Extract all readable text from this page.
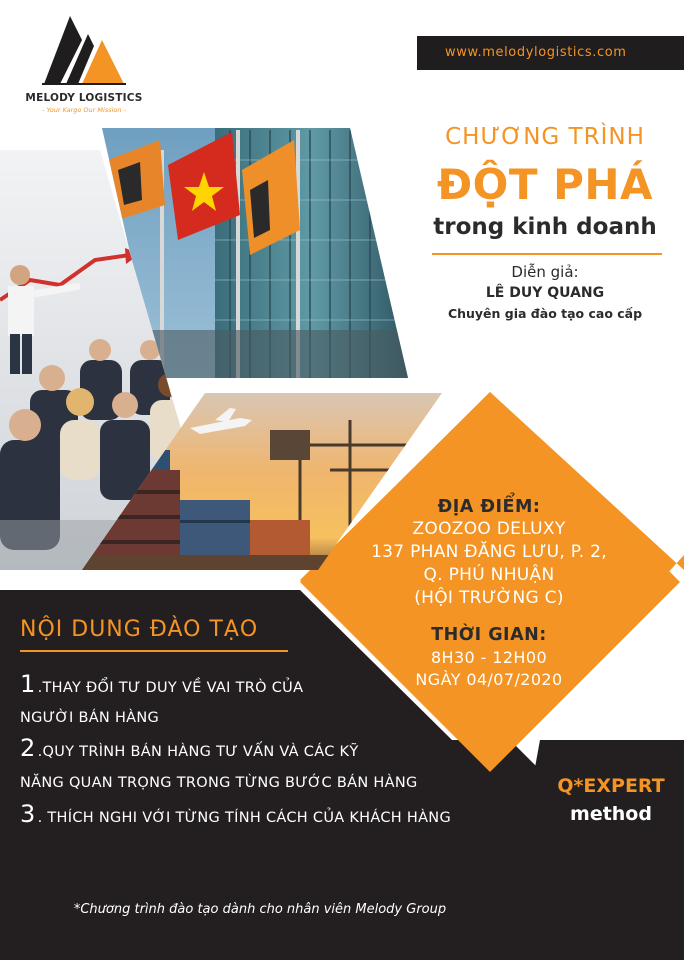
MELODY LOGISTICS
- Your Kargo Our Mission -
www.melodylogistics.com
CHƯƠNG TRÌNH
ĐỘT PHÁ
trong kinh doanh
Diễn giả:
LÊ DUY QUANG
Chuyên gia đào tạo cao cấp
ĐỊA ĐIỂM:
ZOOZOO DELUXY
137 PHAN ĐĂNG LƯU, P. 2,
Q. PHÚ NHUẬN
(HỘI TRƯỜNG C)
THỜI GIAN:
8H30 - 12H00
NGÀY 04/07/2020
NỘI DUNG ĐÀO TẠO
1 .THAY ĐỔI TƯ DUY VỀ VAI TRÒ CỦA
NGƯỜI BÁN HÀNG
2 .QUY TRÌNH BÁN HÀNG TƯ VẤN VÀ CÁC KỸ
NĂNG QUAN TRỌNG TRONG TỪNG BƯỚC BÁN HÀNG
3 . THÍCH NGHI VỚI TỪNG TÍNH CÁCH CỦA KHÁCH HÀNG
*Chương trình đào tạo dành cho nhân viên Melody Group
Q*EXPERT
method
